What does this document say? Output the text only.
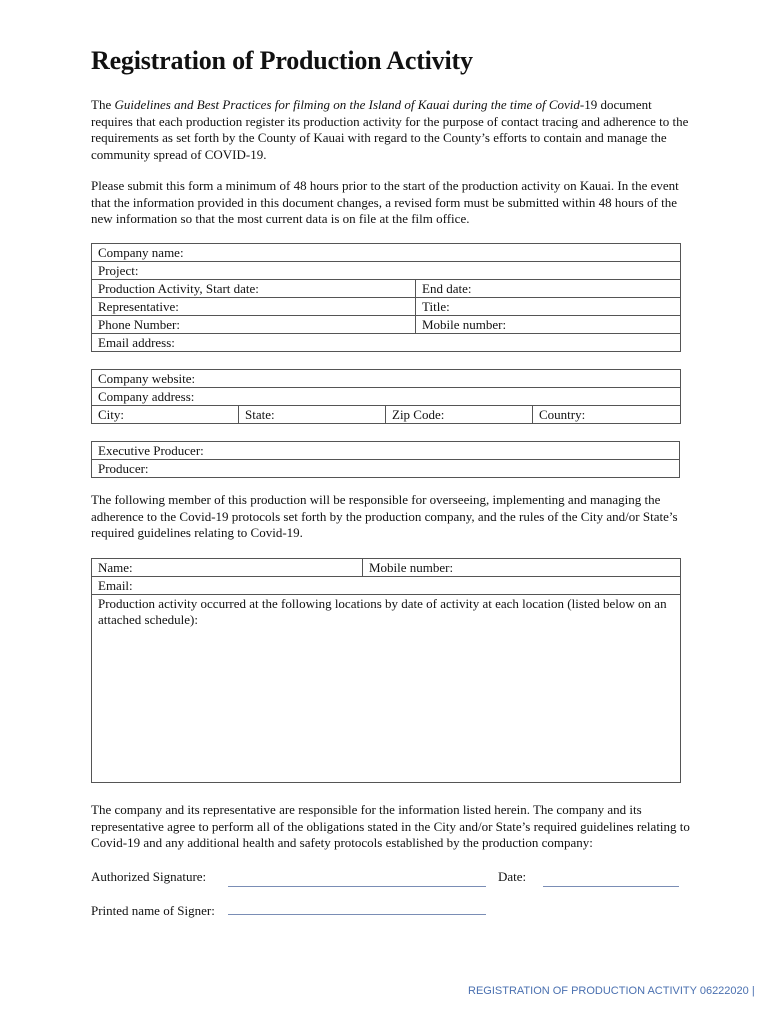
Registration of Production Activity
The Guidelines and Best Practices for filming on the Island of Kauai during the time of Covid-19 document requires that each production register its production activity for the purpose of contact tracing and adherence to the requirements as set forth by the County of Kauai with regard to the County’s efforts to contain and manage the community spread of COVID-19.
Please submit this form a minimum of 48 hours prior to the start of the production activity on Kauai. In the event that the information provided in this document changes, a revised form must be submitted within 48 hours of the new information so that the most current data is on file at the film office.
Company name:	
Project:	
Production Activity, Start date:	End date:
Representative:	Title:
Phone Number:	Mobile number:
Email address:	
Company website:
Company address:
City:	State:	Zip Code:	Country:
Executive Producer:
Producer:
The following member of this production will be responsible for overseeing, implementing and managing the adherence to the Covid-19 protocols set forth by the production company, and the rules of the City and/or State’s required guidelines relating to Covid-19.
Name:	Mobile number:
Email:
Production activity occurred at the following locations by date of activity at each location (listed below on an attached schedule):
The company and its representative are responsible for the information listed herein. The company and its representative agree to perform all of the obligations stated in the City and/or State’s required guidelines relating to Covid-19 and any additional health and safety protocols established by the production company:
Authorized Signature:	Date:
Printed name of Signer:
REGISTRATION OF PRODUCTION ACTIVITY 06222020 |
